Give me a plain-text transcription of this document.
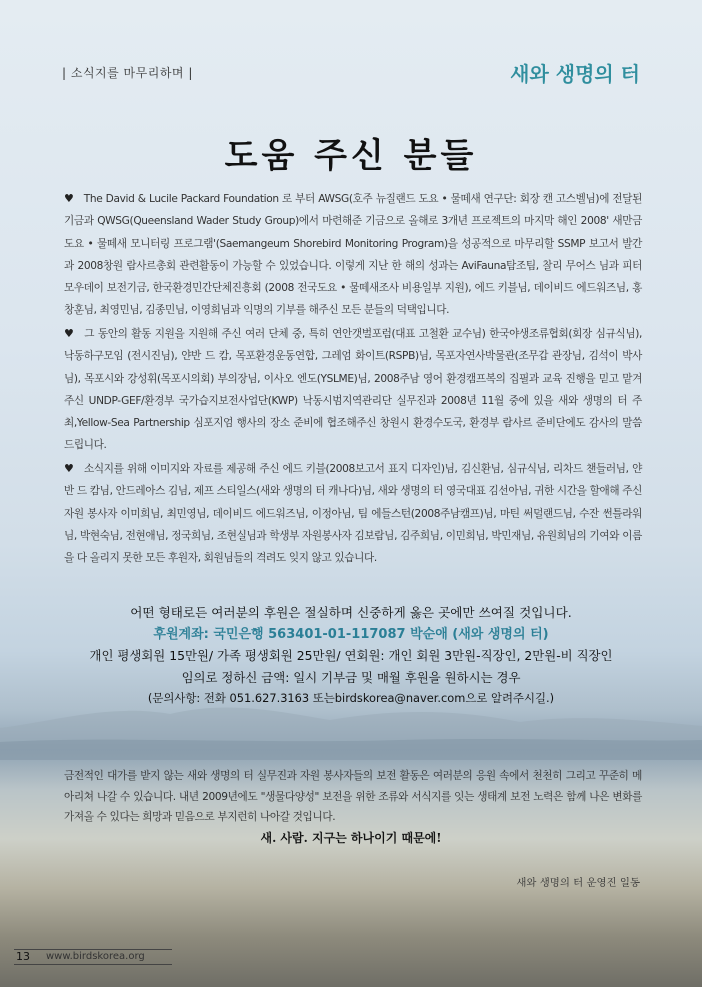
| 소식지를 마무리하며 |	새와 생명의 터
도움 주신 분들
♥ The David & Lucile Packard Foundation 로 부터 AWSG(호주 뉴질랜드 도요 • 물떼새 연구단: 회장 캔 고스벨님)에 전달된 기금과 QWSG(Queensland Wader Study Group)에서 마련해준 기금으로 올해로 3개년 프로젝트의 마지막 해인 2008' 새만금 도요 • 물떼새 모니터링 프로그램'(Saemangeum Shorebird Monitoring Program)을 성공적으로 마무리할 SSMP 보고서 발간과 2008창원 람사르총회 관련활동이 가능할 수 있었습니다. 이렇게 지난 한 해의 성과는 AviFauna탐조팀, 찰리 무어스 님과 피터 모우데이 보전기금, 한국환경민간단체진흥회 (2008 전국도요 • 물떼새조사 비용일부 지원), 에드 키블님, 데이비드 에드워즈님, 홍창훈님, 최영민님, 김종민님, 이영희님과 익명의 기부를 해주신 모든 분들의 덕택입니다.
♥ 그 동안의 활동 지원을 지원해 주신 여러 단체 중, 특히 연안갯벌포럼(대표 고철환 교수님) 한국야생조류협회(회장 심규식님), 낙동하구모임 (전시진님), 얀반 드 캄, 목포환경운동연합, 그레엄 화이트(RSPB)님, 목포자연사박물관(조무갑 관장님, 김석이 박사님), 목포시와 강성휘(목포시의회) 부의장님, 이사오 엔도(YSLME)님, 2008주남 영어 환경캠프복의 집필과 교육 진행을 믿고 맡겨 주신 UNDP-GEF/환경부 국가습지보전사업단(KWP) 낙동시범지역관리단 실무진과 2008년 11월 중에 있을 새와 생명의 터 주최,Yellow-Sea Partnership 심포지엄 행사의 장소 준비에 협조해주신 창원시 환경수도국, 환경부 람사르 준비단에도 감사의 말씀 드립니다.
♥ 소식지를 위해 이미지와 자료를 제공해 주신 에드 키블(2008보고서 표지 디자인)님, 김신환님, 심규식님, 리차드 챈들러님, 얀 반 드 캄님, 안드레아스 김님, 제프 스티일스(새와 생명의 터 캐나다)님, 새와 생명의 터 영국대표 김선아님, 귀한 시간을 할애해 주신 자원 봉사자 이미희님, 최민영님, 데이비드 에드워즈님, 이정아님, 팀 에들스턴(2008주남캠프)님, 마틴 써덜랜드님, 수잔 썬틀라워님, 박현숙님, 전현애님, 정국희님, 조현실님과 학생부 자원봉사자 김보람님, 김주희님, 이민희님, 박민재님, 유원희님의 기여와 이름을 다 올리지 못한 모든 후원자, 회원님들의 격려도 잊지 않고 있습니다.
어떤 형태로든 여러분의 후원은 절실하며 신중하게 옳은 곳에만 쓰여질 것입니다.
후원계좌: 국민은행 563401-01-117087 박순애 (새와 생명의 터)
개인 평생회원 15만원/ 가족 평생회원 25만원/ 연회원: 개인 회원 3만원-직장인, 2만원-비 직장인
임의로 정하신 금액: 일시 기부금 및 매월 후원을 원하시는 경우
(문의사항: 전화 051.627.3163 또는birdskorea@naver.com으로 알려주시길.)
금전적인 대가를 받지 않는 새와 생명의 터 실무진과 자원 봉사자들의 보전 활동은 여러분의 응원 속에서 천천히 그리고 꾸준히 메아리쳐 나갈 수 있습니다. 내년 2009년에도 "생물다양성" 보전을 위한 조류와 서식지를 잇는 생태계 보전 노력은 함께 나은 변화를 가져올 수 있다는 희망과 믿음으로 부지런히 나아갈 것입니다.
새. 사람. 지구는 하나이기 때문에!
새와 생명의 터 운영진 일동
13 www.birdskorea.org
